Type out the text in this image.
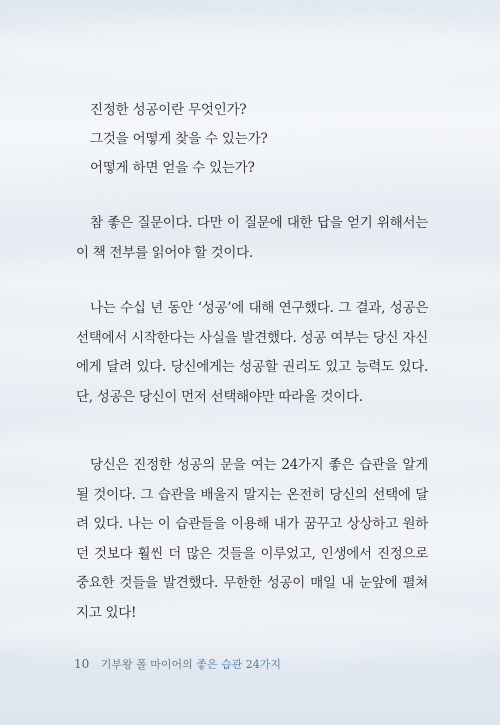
진정한 성공이란 무엇인가?
그것을 어떻게 찾을 수 있는가?
어떻게 하면 얻을 수 있는가?

참 좋은 질문이다. 다만 이 질문에 대한 답을 얻기 위해서는 이 책 전부를 읽어야 할 것이다.

나는 수십 년 동안 ‘성공’에 대해 연구했다. 그 결과, 성공은 선택에서 시작한다는 사실을 발견했다. 성공 여부는 당신 자신에게 달려 있다. 당신에게는 성공할 권리도 있고 능력도 있다. 단, 성공은 당신이 먼저 선택해야만 따라올 것이다.

당신은 진정한 성공의 문을 여는 24가지 좋은 습관을 알게 될 것이다. 그 습관을 배울지 말지는 온전히 당신의 선택에 달려 있다. 나는 이 습관들을 이용해 내가 꿈꾸고 상상하고 원하던 것보다 훨씬 더 많은 것들을 이루었고, 인생에서 진정으로 중요한 것들을 발견했다. 무한한 성공이 매일 내 눈앞에 펼쳐지고 있다!

10 기부왕 폴 마이어의 좋은 습관 24가지
